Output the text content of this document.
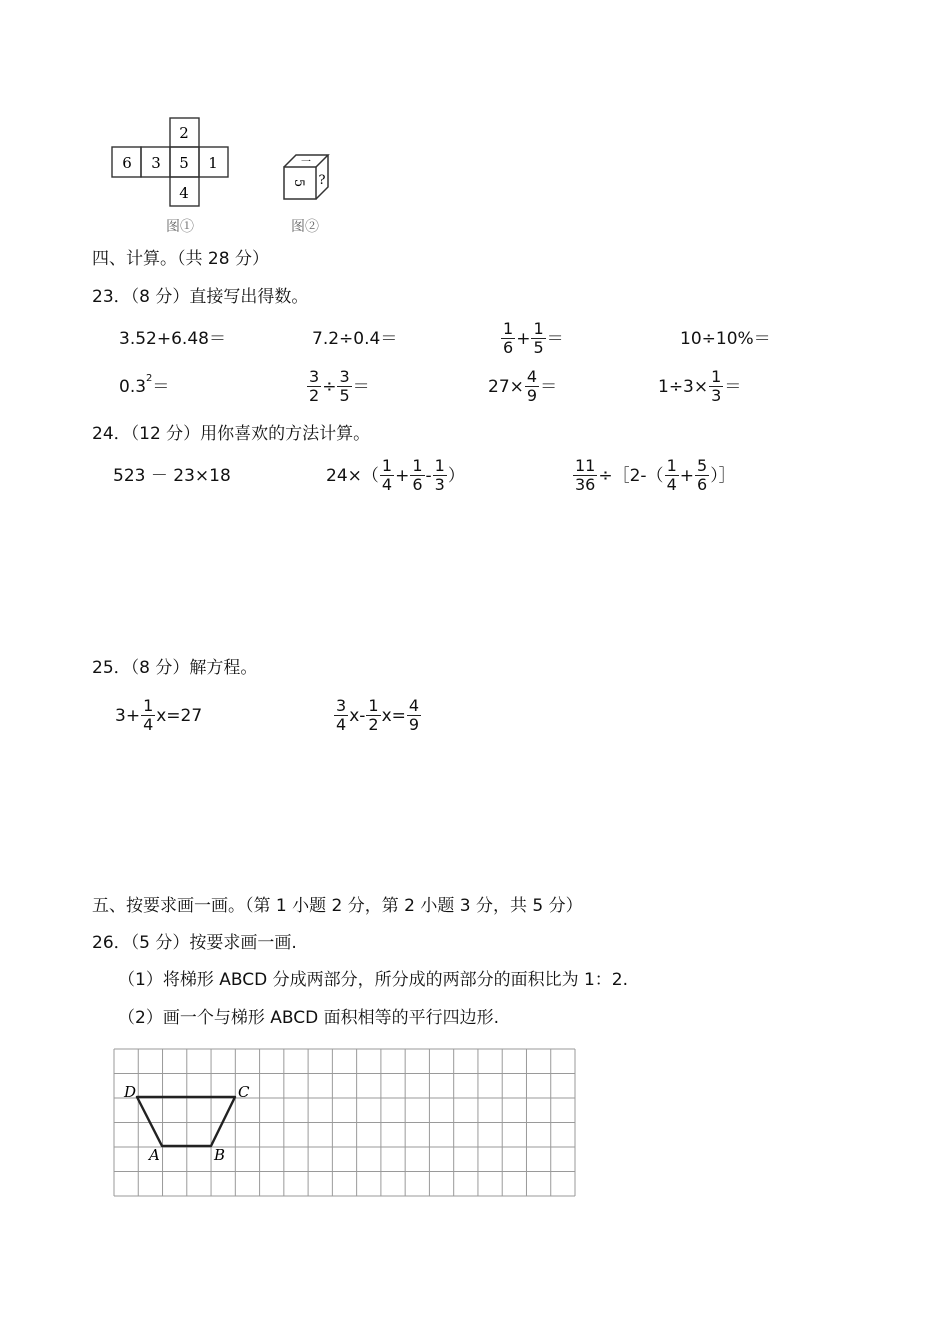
2
6 3 5 1
4
图①
5
一
?
图②
四、计算。（共 28 分）
23．（8 分）直接写出得数。
3.52+6.48＝	7.2÷0.4＝	$\frac{1}{6} + \frac{1}{5}$ ＝	10÷10%＝
0.3 2 ＝	$\frac{3}{2} \div \frac{3}{5}$ ＝	$27\times \frac{4}{9}$ ＝	$1\div 3\times \frac{1}{3}$ ＝
24．（12 分）用你喜欢的方法计算。
523 － 23×18	$24\times( \frac{1}{4} + \frac{1}{6} - \frac{1}{3}$ ）	$\frac{11}{36}$ ÷［2-（ $\frac{1}{4} + \frac{5}{6}$ ）］
25．（8 分）解方程。
$3+ \frac{1}{4} x=27$	$\frac{3}{4} x- \frac{1}{2} x= \frac{4}{9}$
五、按要求画一画。（第 1 小题 2 分，第 2 小题 3 分，共 5 分）
26．（5 分）按要求画一画.
（1）将梯形 ABCD 分成两部分，所分成的两部分的面积比为 1：2.
（2）画一个与梯形 ABCD 面积相等的平行四边形.
D	C
A	B
